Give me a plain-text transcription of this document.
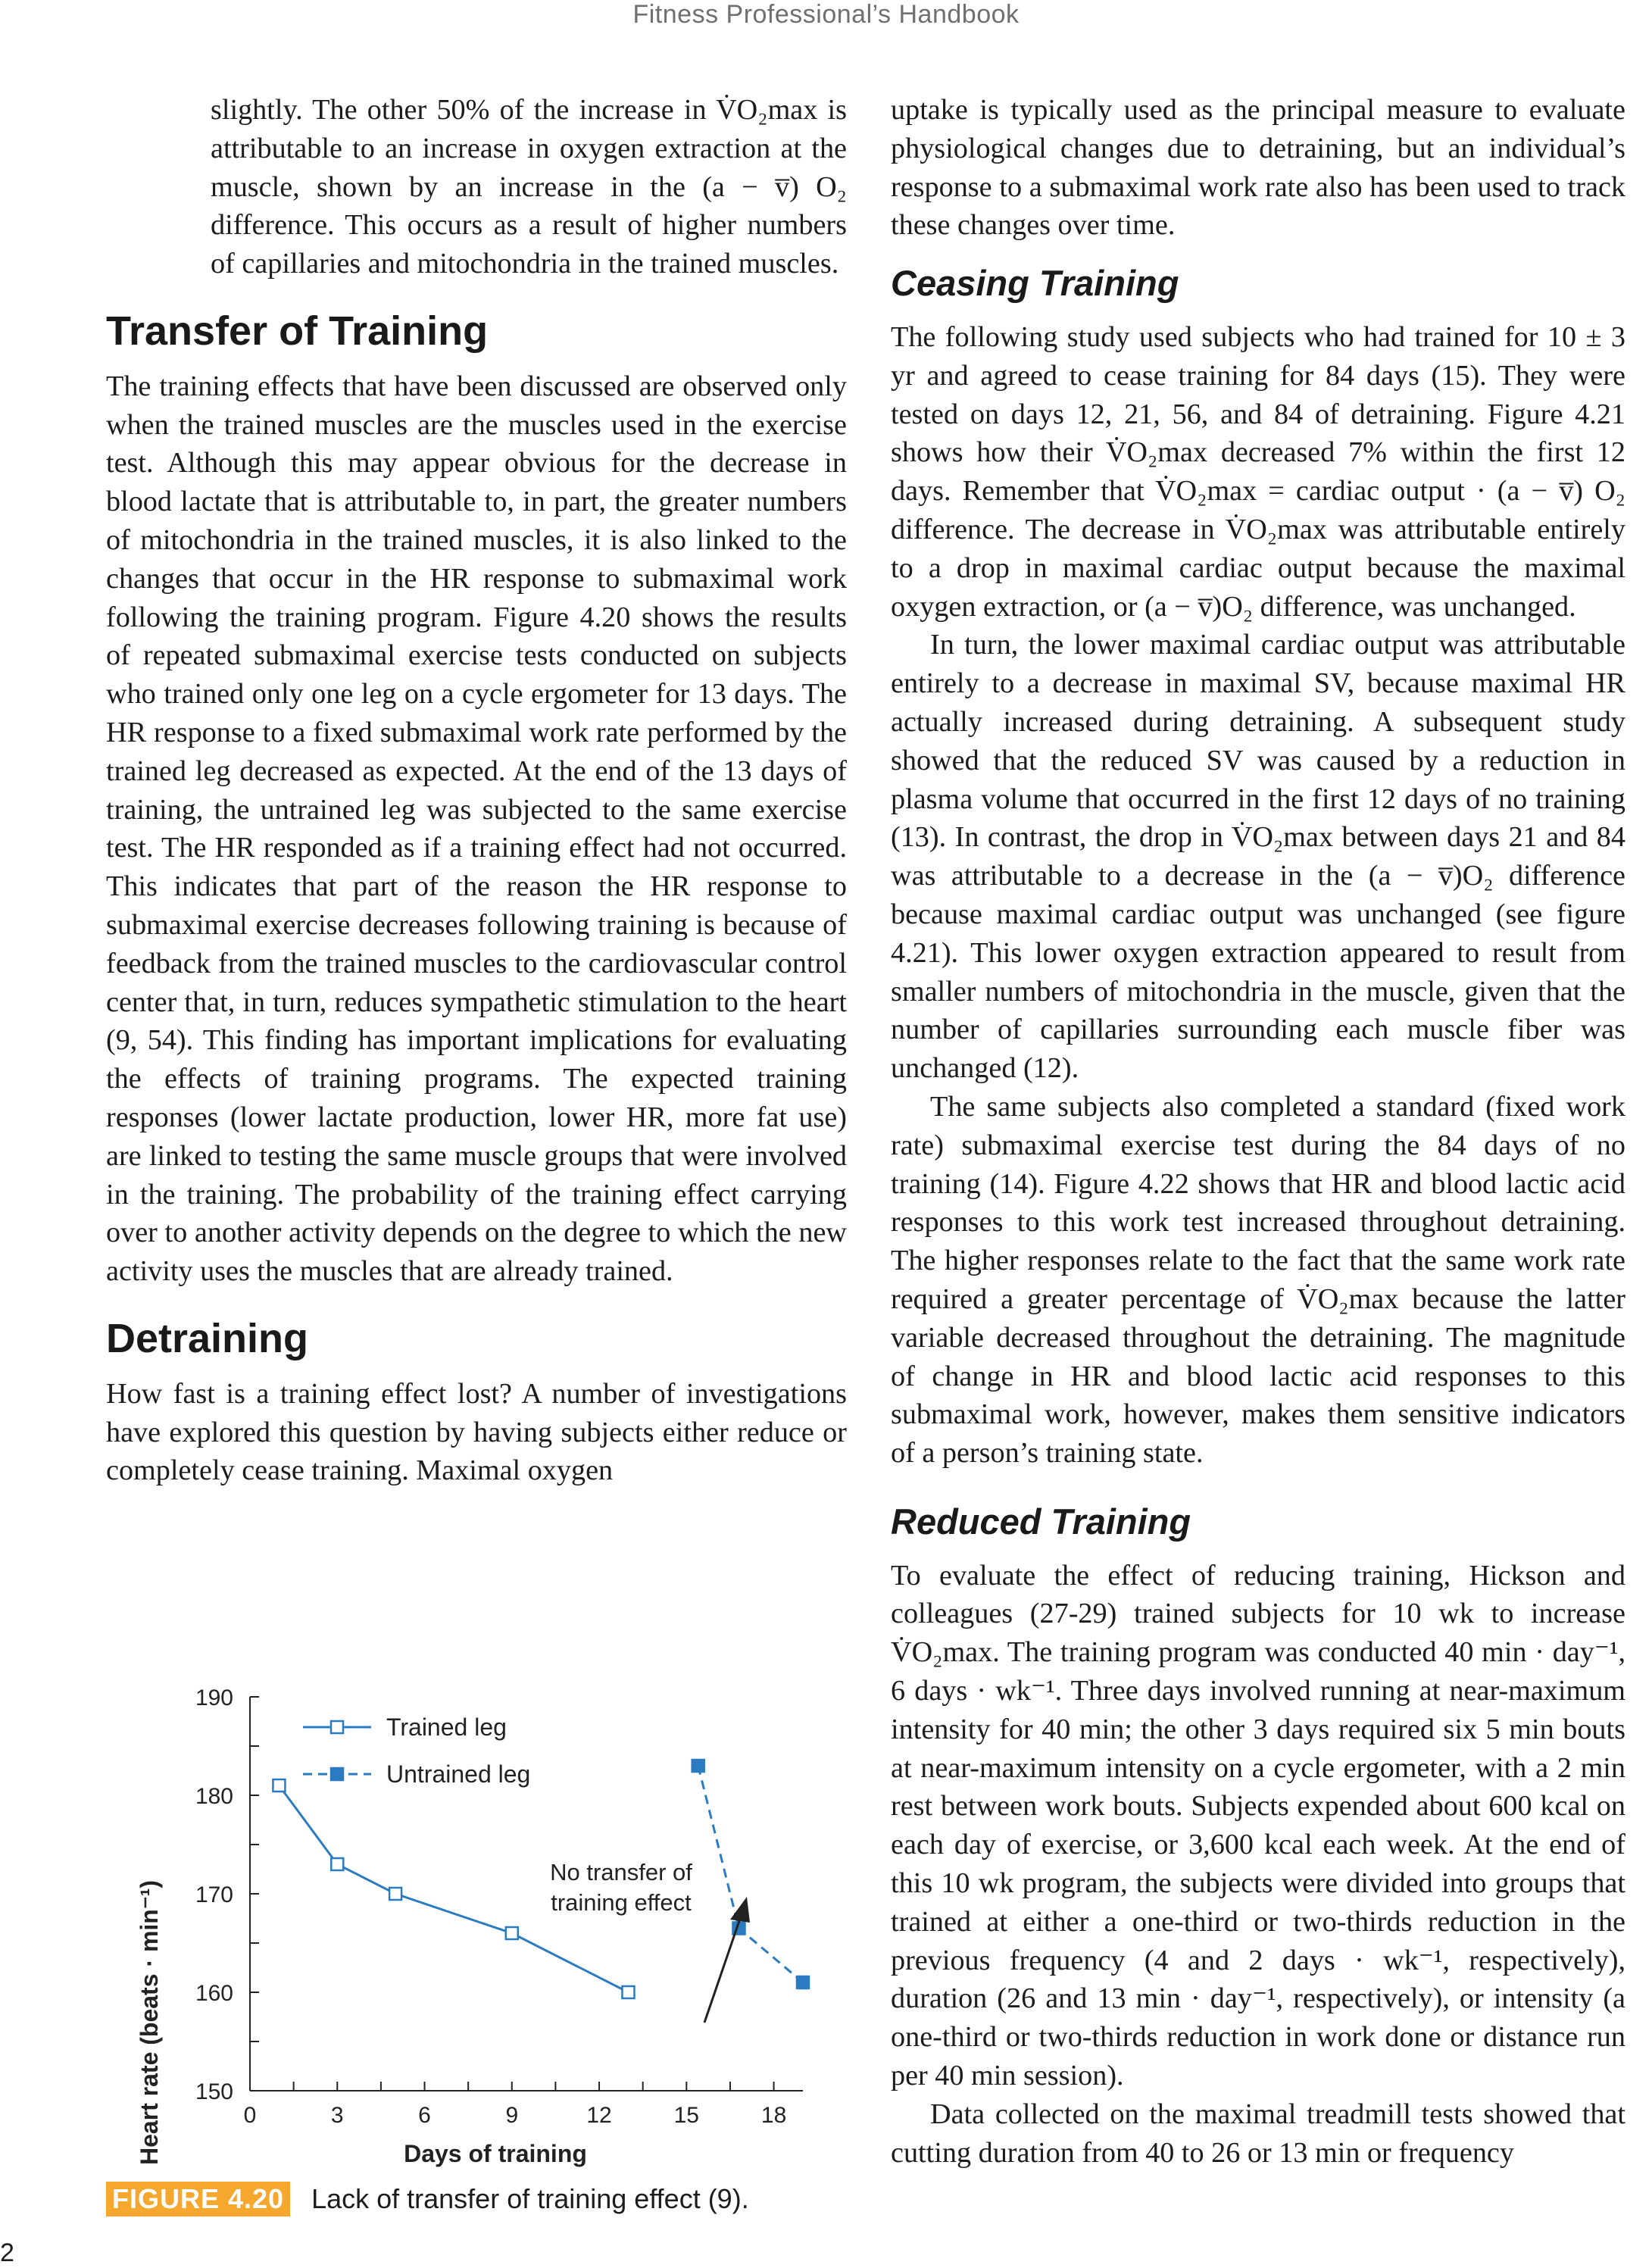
Fitness Professional’s Handbook

slightly. The other 50% of the increase in V̇O₂max is attributable to an increase in oxygen extraction at the muscle, shown by an increase in the (a − v̅) O₂ difference. This occurs as a result of higher numbers of capillaries and mitochondria in the trained muscles.

Transfer of Training

The training effects that have been discussed are observed only when the trained muscles are the muscles used in the exercise test. Although this may appear obvious for the decrease in blood lactate that is attributable to, in part, the greater numbers of mitochondria in the trained muscles, it is also linked to the changes that occur in the HR response to submaximal work following the training program. Figure 4.20 shows the results of repeated submaximal exercise tests conducted on subjects who trained only one leg on a cycle ergometer for 13 days. The HR response to a fixed submaximal work rate performed by the trained leg decreased as expected. At the end of the 13 days of training, the untrained leg was subjected to the same exercise test. The HR responded as if a training effect had not occurred. This indicates that part of the reason the HR response to submaximal exercise decreases following training is because of feedback from the trained muscles to the cardiovascular control center that, in turn, reduces sympathetic stimulation to the heart (9, 54). This finding has important implications for evaluating the effects of training programs. The expected training responses (lower lactate production, lower HR, more fat use) are linked to testing the same muscle groups that were involved in the training. The probability of the training effect carrying over to another activity depends on the degree to which the new activity uses the muscles that are already trained.

Detraining

How fast is a training effect lost? A number of investigations have explored this question by having subjects either reduce or completely cease training. Maximal oxygen

uptake is typically used as the principal measure to evaluate physiological changes due to detraining, but an individual’s response to a submaximal work rate also has been used to track these changes over time.

Ceasing Training

The following study used subjects who had trained for 10 ± 3 yr and agreed to cease training for 84 days (15). They were tested on days 12, 21, 56, and 84 of detraining. Figure 4.21 shows how their V̇O₂max decreased 7% within the first 12 days. Remember that V̇O₂max = cardiac output · (a − v̅) O₂ difference. The decrease in V̇O₂max was attributable entirely to a drop in maximal cardiac output because the maximal oxygen extraction, or (a − v̅)O₂ difference, was unchanged.

In turn, the lower maximal cardiac output was attributable entirely to a decrease in maximal SV, because maximal HR actually increased during detraining. A subsequent study showed that the reduced SV was caused by a reduction in plasma volume that occurred in the first 12 days of no training (13). In contrast, the drop in V̇O₂max between days 21 and 84 was attributable to a decrease in the (a − v̅)O₂ difference because maximal cardiac output was unchanged (see figure 4.21). This lower oxygen extraction appeared to result from smaller numbers of mitochondria in the muscle, given that the number of capillaries surrounding each muscle fiber was unchanged (12).

The same subjects also completed a standard (fixed work rate) submaximal exercise test during the 84 days of no training (14). Figure 4.22 shows that HR and blood lactic acid responses to this work test increased throughout detraining. The higher responses relate to the fact that the same work rate required a greater percentage of V̇O₂max because the latter variable decreased throughout the detraining. The magnitude of change in HR and blood lactic acid responses to this submaximal work, however, makes them sensitive indicators of a person’s training state.

Reduced Training

To evaluate the effect of reducing training, Hickson and colleagues (27-29) trained subjects for 10 wk to increase V̇O₂max. The training program was conducted 40 min · day⁻¹, 6 days · wk⁻¹. Three days involved running at near-maximum intensity for 40 min; the other 3 days required six 5 min bouts at near-maximum intensity on a cycle ergometer, with a 2 min rest between work bouts. Subjects expended about 600 kcal on each day of exercise, or 3,600 kcal each week. At the end of this 10 wk program, the subjects were divided into groups that trained at either a one-third or two-thirds reduction in the previous frequency (4 and 2 days · wk⁻¹, respectively), duration (26 and 13 min · day⁻¹, respectively), or intensity (a one-third or two-thirds reduction in work done or distance run per 40 min session).

Data collected on the maximal treadmill tests showed that cutting duration from 40 to 26 or 13 min or frequency

150
160
170
180
190
0	3	6	9	12	15	18
Trained leg
Untrained leg
No transfer of
training effect
Heart rate (beats · min⁻¹)	Days of training
FIGURE 4.20 Lack of transfer of training effect (9).
2
